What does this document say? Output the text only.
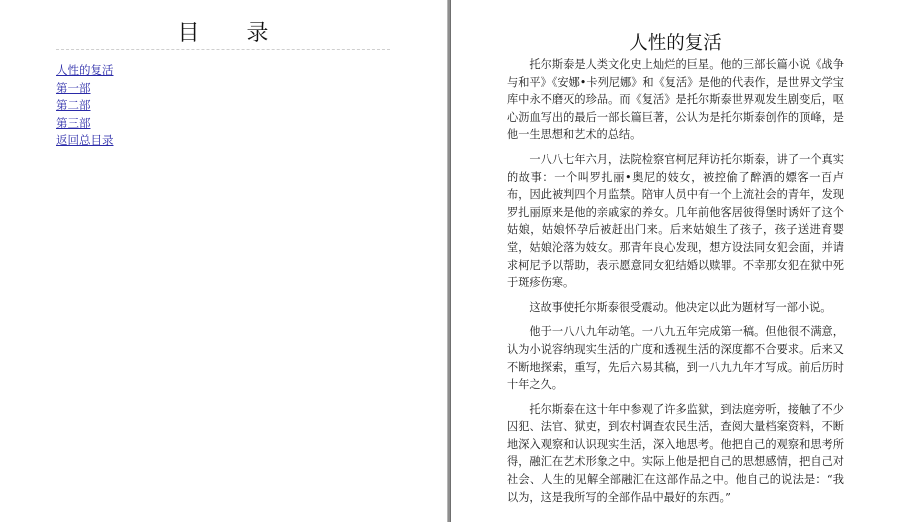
目 录
人性的复活
第一部
第二部
第三部
返回总目录
人性的复活

托尔斯泰是人类文化史上灿烂的巨星。他的三部长篇小说《战争与和平》《安娜•卡列尼娜》和《复活》是他的代表作，是世界文学宝库中永不磨灭的珍品。而《复活》是托尔斯泰世界观发生剧变后，呕心沥血写出的最后一部长篇巨著，公认为是托尔斯泰创作的顶峰，是他一生思想和艺术的总结。

一八八七年六月，法院检察官柯尼拜访托尔斯泰，讲了一个真实的故事：一个叫罗扎丽•奥尼的妓女，被控偷了醉酒的嫖客一百卢布，因此被判四个月监禁。陪审人员中有一个上流社会的青年，发现罗扎丽原来是他的亲戚家的养女。几年前他客居彼得堡时诱奸了这个姑娘，姑娘怀孕后被赶出门来。后来姑娘生了孩子，孩子送进育婴堂，姑娘沦落为妓女。那青年良心发现，想方设法同女犯会面，并请求柯尼予以帮助，表示愿意同女犯结婚以赎罪。不幸那女犯在狱中死于斑疹伤寒。

这故事使托尔斯泰很受震动。他决定以此为题材写一部小说。

他于一八八九年动笔。一八九五年完成第一稿。但他很不满意，认为小说容纳现实生活的广度和透视生活的深度都不合要求。后来又不断地探索，重写，先后六易其稿，到一八九九年才写成。前后历时十年之久。

托尔斯泰在这十年中参观了许多监狱，到法庭旁听，接触了不少囚犯、法官、狱吏，到农村调查农民生活，查阅大量档案资料，不断地深入观察和认识现实生活，深入地思考。他把自己的观察和思考所得，融汇在艺术形象之中。实际上他是把自己的思想感情，把自己对社会、人生的见解全部融汇在这部作品之中。他自己的说法是：“我以为，这是我所写的全部作品中最好的东西。”
